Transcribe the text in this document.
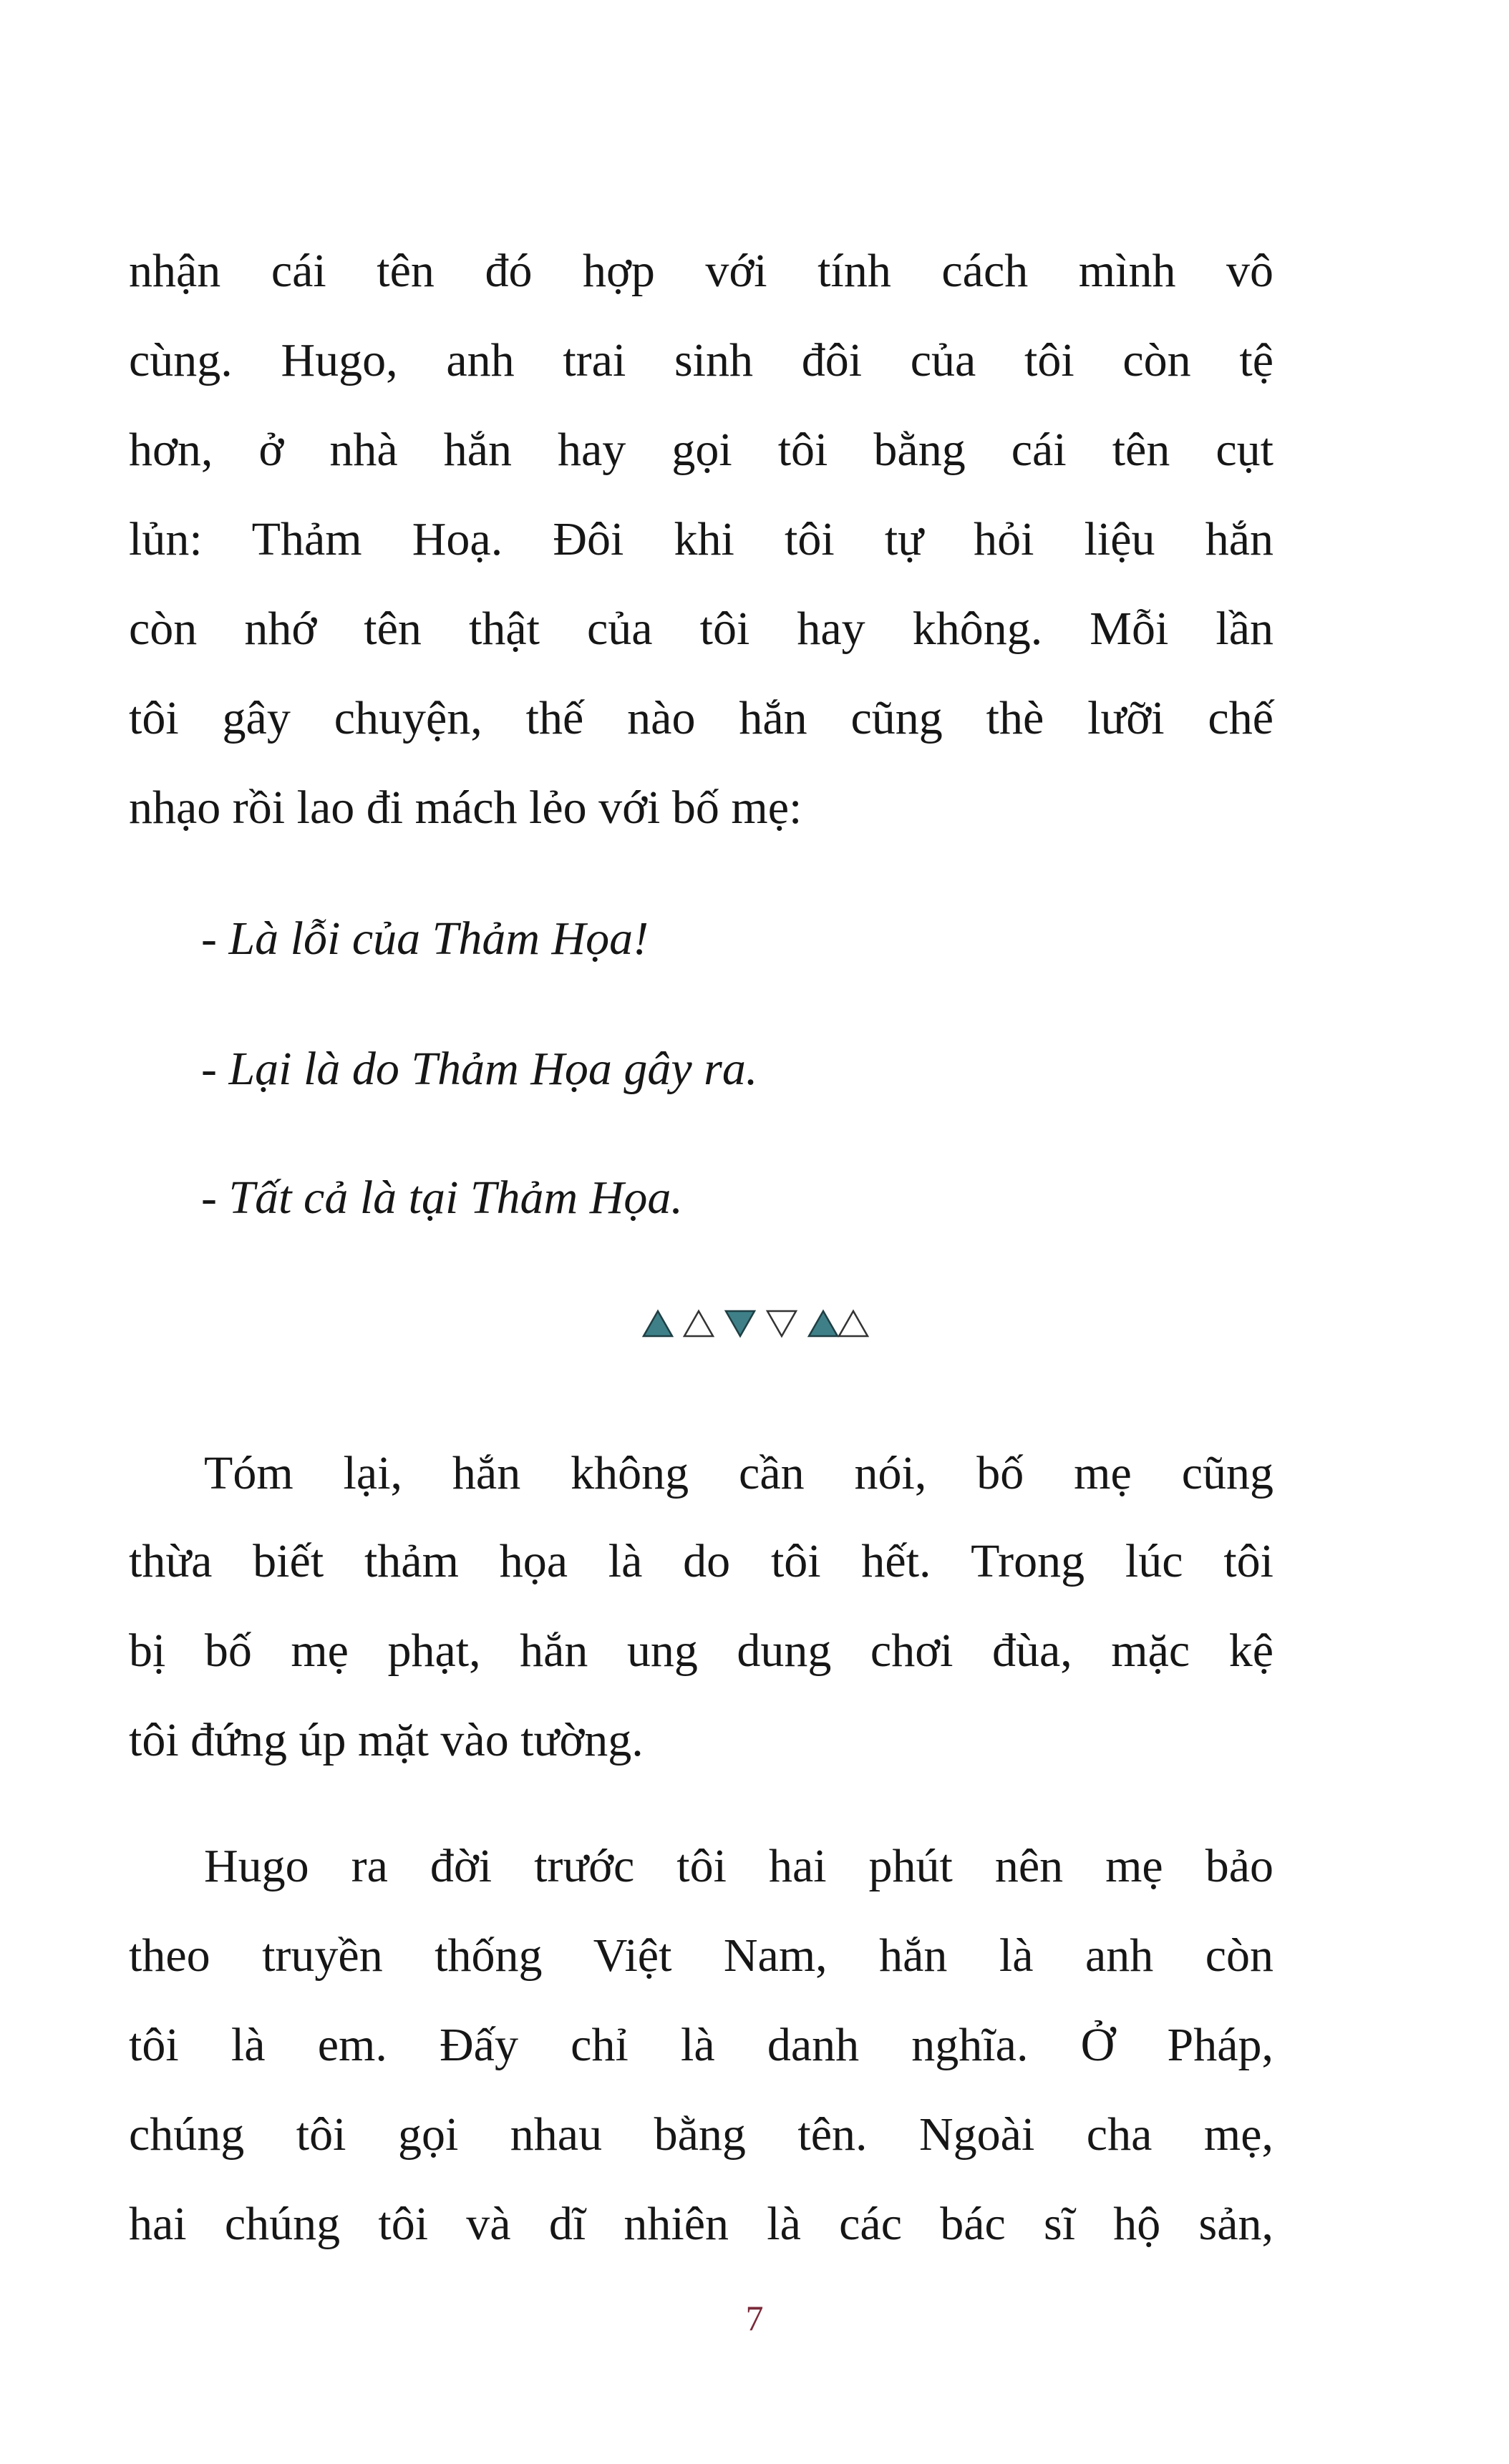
nhận cái tên đó hợp với tính cách mình vô
cùng. Hugo, anh trai sinh đôi của tôi còn tệ
hơn, ở nhà hắn hay gọi tôi bằng cái tên cụt
lủn: Thảm Hoạ. Đôi khi tôi tự hỏi liệu hắn
còn nhớ tên thật của tôi hay không. Mỗi lần
tôi gây chuyện, thế nào hắn cũng thè lưỡi chế
nhạo rồi lao đi mách lẻo với bố mẹ:
- Là lỗi của Thảm Họa!
- Lại là do Thảm Họa gây ra.
- Tất cả là tại Thảm Họa.
Tóm lại, hắn không cần nói, bố mẹ cũng
thừa biết thảm họa là do tôi hết. Trong lúc tôi
bị bố mẹ phạt, hắn ung dung chơi đùa, mặc kệ
tôi đứng úp mặt vào tường.
Hugo ra đời trước tôi hai phút nên mẹ bảo
theo truyền thống Việt Nam, hắn là anh còn
tôi là em. Đấy chỉ là danh nghĩa. Ở Pháp,
chúng tôi gọi nhau bằng tên. Ngoài cha mẹ,
hai chúng tôi và dĩ nhiên là các bác sĩ hộ sản,
7
